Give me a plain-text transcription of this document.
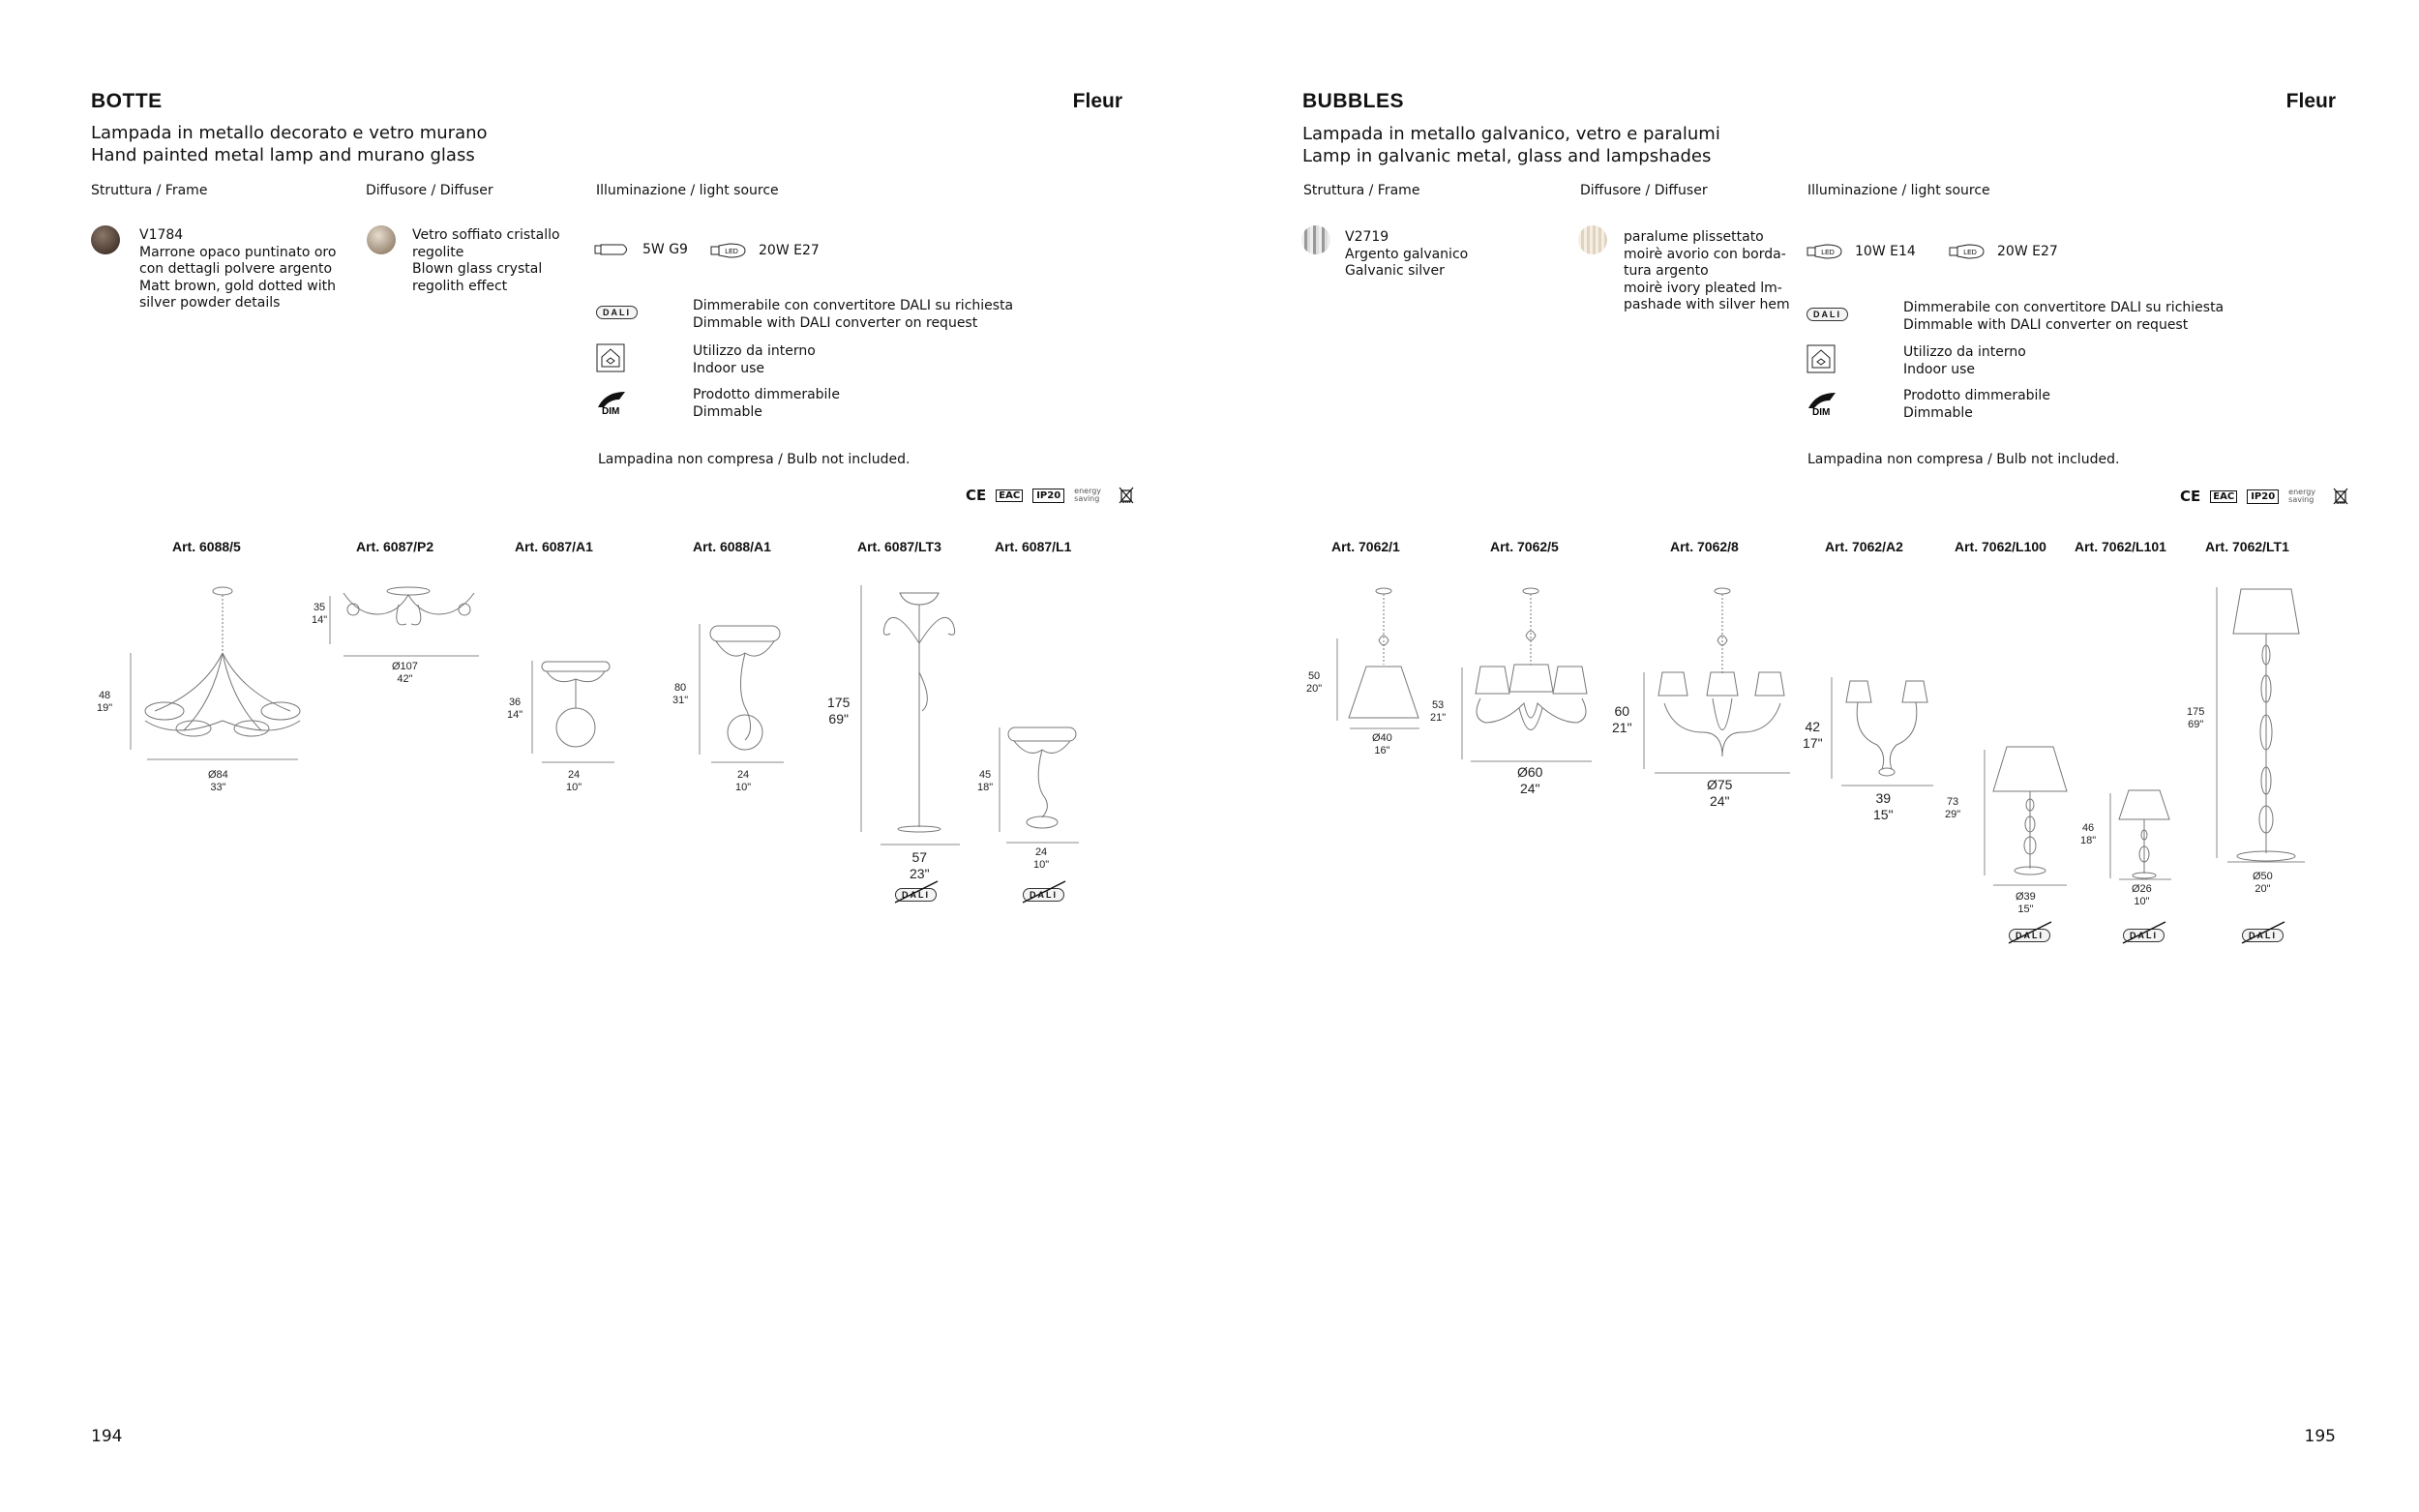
BOTTE	Fleur
Lampada in metallo decorato e vetro murano
Hand painted metal lamp and murano glass
Struttura / Frame	Diffusore / Diffuser	Illuminazione / light source
V1784
Marrone opaco puntinato oro
con dettagli polvere argento
Matt brown, gold dotted with
silver powder details
Vetro soffiato cristallo
regolite
Blown glass crystal
regolith effect
5W G9	LED 20W E27
DALI	Dimmerabile con convertitore DALI su richiesta
Dimmable with DALI converter on request
Utilizzo da interno
Indoor use
DIM
Prodotto dimmerabile
Dimmable
Lampadina non compresa / Bulb not included.
CE	EAC	IP20	energy saving	WEEE
Art. 6088/5	Art. 6087/P2	Art. 6087/A1	Art. 6088/A1	Art. 6087/LT3	Art. 6087/L1
48
19"
Ø84
33"
35
14"
Ø107
42"
36
14"
24
10"
80
31"
24
10"
175
69"
57
23"
DALI
45
18"
24
10"
DALI
194
BUBBLES	Fleur
Lampada in metallo galvanico, vetro e paralumi
Lamp in galvanic metal, glass and lampshades
Struttura / Frame	Diffusore / Diffuser	Illuminazione / light source
V2719
Argento galvanico
Galvanic silver
paralume plissettato
moirè avorio con borda-
tura argento
moirè ivory pleated lm-
pashade with silver hem
LED 10W E14	LED 20W E27
DALI	Dimmerabile con convertitore DALI su richiesta
Dimmable with DALI converter on request
Utilizzo da interno
Indoor use
DIM
Prodotto dimmerabile
Dimmable
Lampadina non compresa / Bulb not included.
CE	EAC	IP20	energy saving	WEEE
Art. 7062/1	Art. 7062/5	Art. 7062/8	Art. 7062/A2	Art. 7062/L100 Art. 7062/L101	Art. 7062/LT1
50
20"
Ø40
16"
53
21"
Ø60
24"
60
21"
Ø75
24"
42
17"
39
15"
73
29"
Ø39
15"
DALI
46
18"
Ø26
10"
DALI
175
69"
Ø50
20"
DALI
195
